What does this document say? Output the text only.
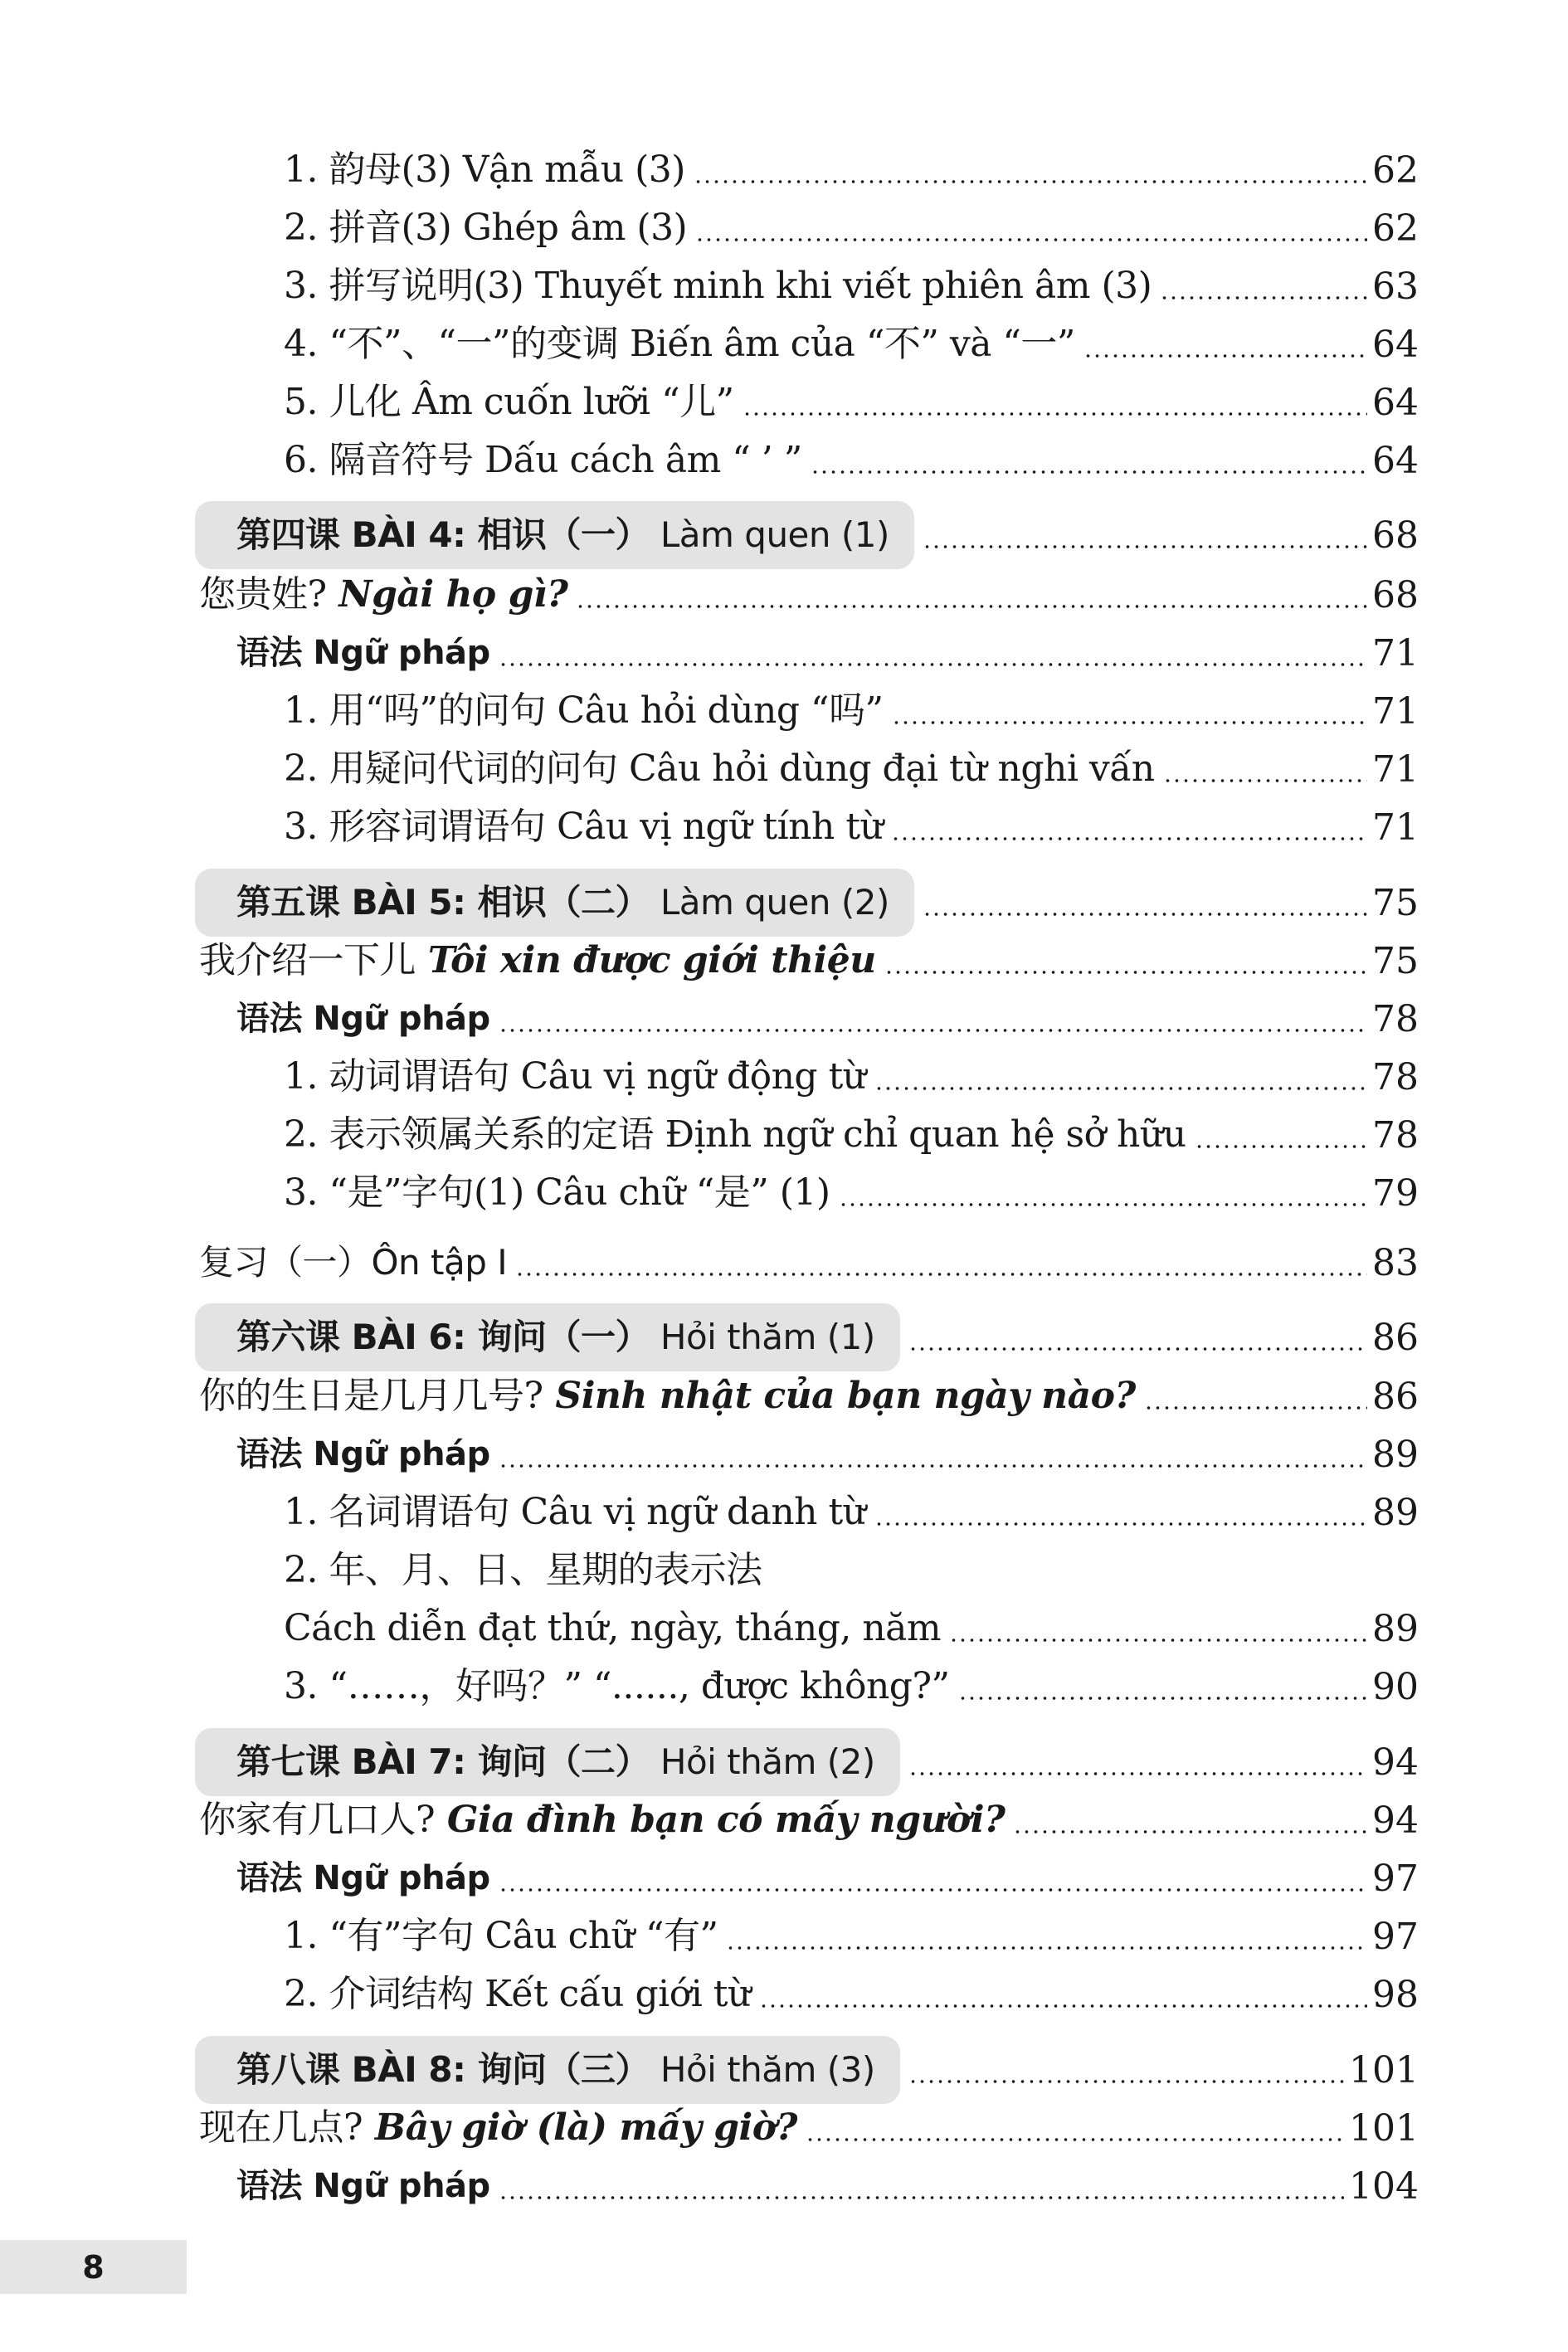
1. 韵母(3) Vận mẫu (3)	62
2. 拼音(3) Ghép âm (3)	62
3. 拼写说明(3) Thuyết minh khi viết phiên âm (3)	63
4. “不”、“一”的变调 Biến âm của “不” và “一”	64
5. 儿化 Âm cuốn lưỡi “儿”	64
6. 隔音符号 Dấu cách âm “ ’ ”	64
第四课 BÀI 4: 相识（一） Làm quen (1)	68
您贵姓? Ngài họ gì?	68
语法 Ngữ pháp	71
1. 用“吗”的问句 Câu hỏi dùng “吗”	71
2. 用疑问代词的问句 Câu hỏi dùng đại từ nghi vấn	71
3. 形容词谓语句 Câu vị ngữ tính từ	71
第五课 BÀI 5: 相识（二） Làm quen (2)	75
我介绍一下儿 Tôi xin được giới thiệu	75
语法 Ngữ pháp	78
1. 动词谓语句 Câu vị ngữ động từ	78
2. 表示领属关系的定语 Định ngữ chỉ quan hệ sở hữu	78
3. “是”字句(1) Câu chữ “是” (1)	79
复习（一）Ôn tập I	83
第六课 BÀI 6: 询问（一） Hỏi thăm (1)	86
你的生日是几月几号? Sinh nhật của bạn ngày nào?	86
语法 Ngữ pháp	89
1. 名词谓语句 Câu vị ngữ danh từ	89
2. 年、月、日、星期的表示法
Cách diễn đạt thứ, ngày, tháng, năm	89
3. “……，好吗？” “......, được không?”	90
第七课 BÀI 7: 询问（二） Hỏi thăm (2)	94
你家有几口人? Gia đình bạn có mấy người?	94
语法 Ngữ pháp	97
1. “有”字句 Câu chữ “有”	97
2. 介词结构 Kết cấu giới từ	98
第八课 BÀI 8: 询问（三） Hỏi thăm (3)	101
现在几点? Bây giờ (là) mấy giờ?	101
语法 Ngữ pháp	104
8
